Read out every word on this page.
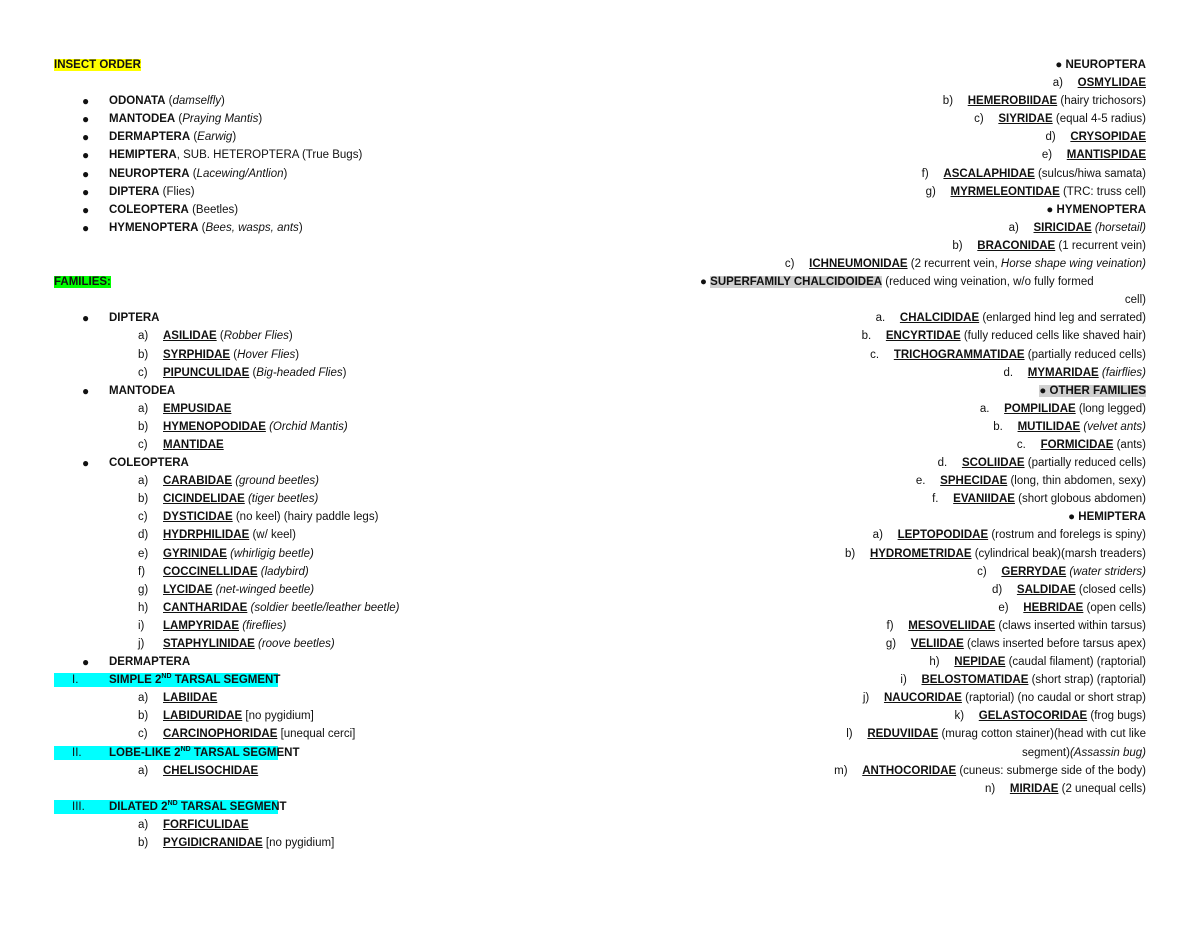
INSECT ORDER
● ODONATA (damselfly)
● MANTODEA (Praying Mantis)
● DERMAPTERA (Earwig)
● HEMIPTERA, SUB. HETEROPTERA (True Bugs)
● NEUROPTERA (Lacewing/Antlion)
● DIPTERA (Flies)
● COLEOPTERA (Beetles)
● HYMENOPTERA (Bees, wasps, ants)
FAMILIES:
● DIPTERA
a)	ASILIDAE (Robber Flies)
b)	SYRPHIDAE (Hover Flies)
c)	PIPUNCULIDAE (Big-headed Flies)
● MANTODEA
a)	EMPUSIDAE
b)	HYMENOPODIDAE (Orchid Mantis)
c)	MANTIDAE
● COLEOPTERA
a)	CARABIDAE (ground beetles)
b)	CICINDELIDAE (tiger beetles)
c)	DYSTICIDAE (no keel) (hairy paddle legs)
d)	HYDRPHILIDAE (w/ keel)
e)	GYRINIDAE (whirligig beetle)
f)	COCCINELLIDAE (ladybird)
g)	LYCIDAE (net-winged beetle)
h)	CANTHARIDAE (soldier beetle/leather beetle)
i)	LAMPYRIDAE (fireflies)
j)	STAPHYLINIDAE (roove beetles)
● DERMAPTERA
I.	SIMPLE 2ND TARSAL SEGMENT
a)	LABIIDAE
b)	LABIDURIDAE [no pygidium]
c)	CARCINOPHORIDAE [unequal cerci]
II. LOBE-LIKE 2ND TARSAL SEGMENT
a)	CHELISOCHIDAE
III. DILATED 2ND TARSAL SEGMENT
a)	FORFICULIDAE
b)	PYGIDICRANIDAE [no pygidium]
● NEUROPTERA
a)  OSMYLIDAE
b)  HEMEROBIIDAE (hairy trichosors)
c)  SIYRIDAE (equal 4-5 radius)
d)  CRYSOPIDAE
e)  MANTISPIDAE
f)  ASCALAPHIDAE (sulcus/hiwa samata)
g)  MYRMELEONTIDAE (TRC: truss cell)
● HYMENOPTERA
a)  SIRICIDAE (horsetail)
b)  BRACONIDAE (1 recurrent vein)
c)  ICHNEUMONIDAE (2 recurrent vein, Horse shape wing veination)
● SUPERFAMILY CHALCIDOIDEA (reduced wing veination, w/o fully formed
cell)
a.  CHALCIDIDAE (enlarged hind leg and serrated)
b.  ENCYRTIDAE (fully reduced cells like shaved hair)
c.  TRICHOGRAMMATIDAE (partially reduced cells)
d.  MYMARIDAE (fairflies)
● OTHER FAMILIES
a.  POMPILIDAE (long legged)
b.  MUTILIDAE (velvet ants)
c.  FORMICIDAE (ants)
d.  SCOLIIDAE (partially reduced cells)
e.  SPHECIDAE (long, thin abdomen, sexy)
f.  EVANIIDAE (short globous abdomen)
● HEMIPTERA
a)  LEPTOPODIDAE (rostrum and forelegs is spiny)
b)  HYDROMETRIDAE (cylindrical beak)(marsh treaders)
c)  GERRYDAE (water striders)
d)  SALDIDAE (closed cells)
e)  HEBRIDAE (open cells)
f)  MESOVELIIDAE (claws inserted within tarsus)
g)  VELIIDAE (claws inserted before tarsus apex)
h)  NEPIDAE (caudal filament) (raptorial)
i)  BELOSTOMATIDAE (short strap) (raptorial)
j)  NAUCORIDAE (raptorial) (no caudal or short strap)
k)  GELASTOCORIDAE (frog bugs)
l)  REDUVIIDAE (murag cotton stainer)(head with cut like
segment)(Assassin bug)
m)  ANTHOCORIDAE (cuneus: submerge side of the body)
n)  MIRIDAE (2 unequal cells)
